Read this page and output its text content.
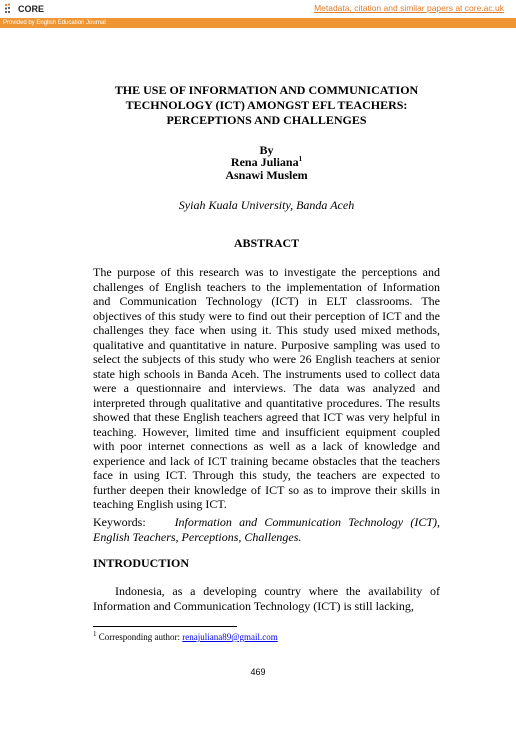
CORE	Metadata, citation and similar papers at core.ac.uk
Provided by English Education Journal
THE USE OF INFORMATION AND COMMUNICATION
TECHNOLOGY (ICT) AMONGST EFL TEACHERS:
PERCEPTIONS AND CHALLENGES
By
Rena Juliana$^1$
Asnawi Muslem
Syiah Kuala University, Banda Aceh
ABSTRACT
The purpose of this research was to investigate the perceptions and challenges of English teachers to the implementation of Information and Communication Technology (ICT) in ELT classrooms. The objectives of this study were to find out their perception of ICT and the challenges they face when using it. This study used mixed methods, qualitative and quantitative in nature. Purposive sampling was used to select the subjects of this study who were 26 English teachers at senior state high schools in Banda Aceh. The instruments used to collect data were a questionnaire and interviews. The data was analyzed and interpreted through qualitative and quantitative procedures. The results showed that these English teachers agreed that ICT was very helpful in teaching. However, limited time and insufficient equipment coupled with poor internet connections as well as a lack of knowledge and experience and lack of ICT training became obstacles that the teachers face in using ICT. Through this study, the teachers are expected to further deepen their knowledge of ICT so as to improve their skills in teaching English using ICT.
Keywords: Information and Communication Technology (ICT), English Teachers, Perceptions, Challenges.
INTRODUCTION
Indonesia, as a developing country where the availability of Information and Communication Technology (ICT) is still lacking,
$^1$ Corresponding author: renajuliana89@gmail.com
469
